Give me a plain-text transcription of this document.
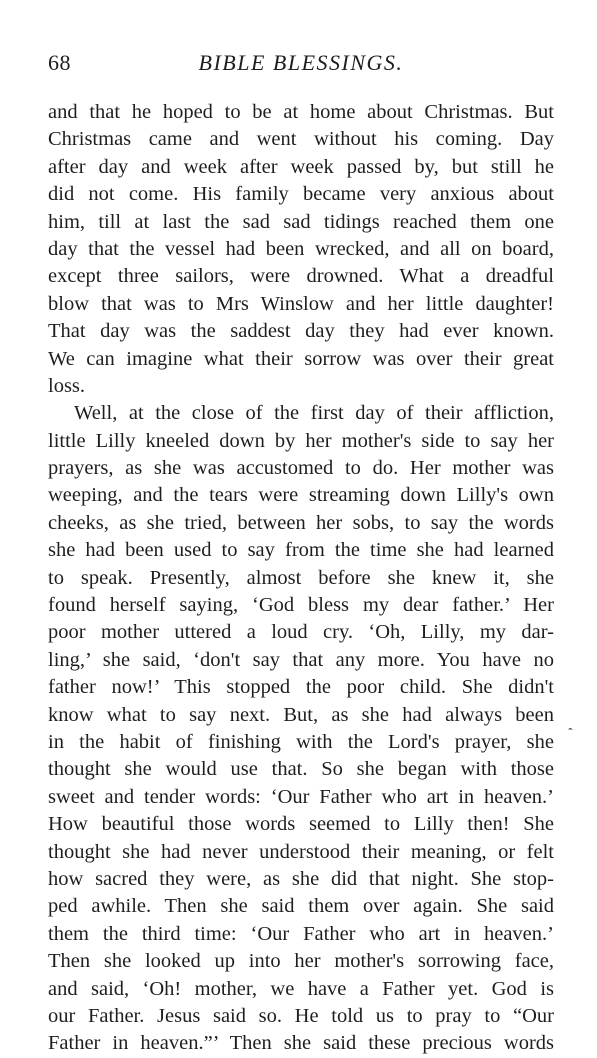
68	BIBLE BLESSINGS.
and that he hoped to be at home about Christmas. But
Christmas came and went without his coming. Day
after day and week after week passed by, but still he
did not come. His family became very anxious about
him, till at last the sad sad tidings reached them one
day that the vessel had been wrecked, and all on board,
except three sailors, were drowned. What a dreadful
blow that was to Mrs Winslow and her little daughter!
That day was the saddest day they had ever known.
We can imagine what their sorrow was over their great
loss.
Well, at the close of the first day of their affliction,
little Lilly kneeled down by her mother's side to say her
prayers, as she was accustomed to do. Her mother was
weeping, and the tears were streaming down Lilly's own
cheeks, as she tried, between her sobs, to say the words
she had been used to say from the time she had learned
to speak. Presently, almost before she knew it, she
found herself saying, ‘God bless my dear father.’ Her
poor mother uttered a loud cry. ‘Oh, Lilly, my dar-
ling,’ she said, ‘don't say that any more. You have no
father now!’ This stopped the poor child. She didn't
know what to say next. But, as she had always been
in the habit of finishing with the Lord's prayer, she
thought she would use that. So she began with those
sweet and tender words: ‘Our Father who art in heaven.’
How beautiful those words seemed to Lilly then! She
thought she had never understood their meaning, or felt
how sacred they were, as she did that night. She stop-
ped awhile. Then she said them over again. She said
them the third time: ‘Our Father who art in heaven.’
Then she looked up into her mother's sorrowing face,
and said, ‘Oh! mother, we have a Father yet. God is
our Father. Jesus said so. He told us to pray to “Our
Father in heaven.”’ Then she said these precious words
ˏ
